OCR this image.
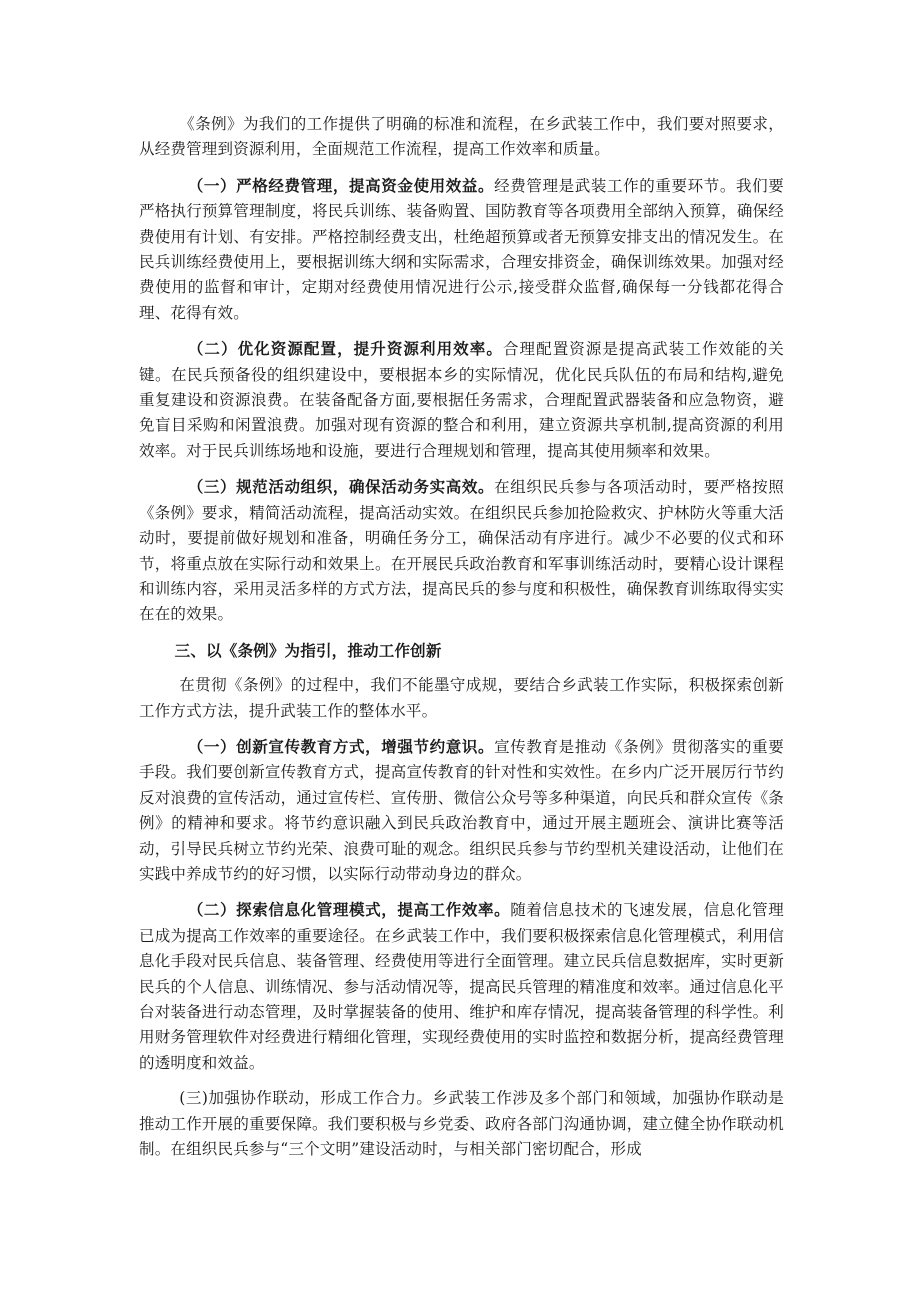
《条例》为我们的工作提供了明确的标准和流程，在乡武装工作中，我们要对照要求，从经费管理到资源利用，全面规范工作流程，提高工作效率和质量。

（一）严格经费管理，提高资金使用效益。经费管理是武装工作的重要环节。我们要严格执行预算管理制度，将民兵训练、装备购置、国防教育等各项费用全部纳入预算，确保经费使用有计划、有安排。严格控制经费支出，杜绝超预算或者无预算安排支出的情况发生。在民兵训练经费使用上，要根据训练大纲和实际需求，合理安排资金，确保训练效果。加强对经费使用的监督和审计，定期对经费使用情况进行公示,接受群众监督,确保每一分钱都花得合理、花得有效。

（二）优化资源配置，提升资源利用效率。合理配置资源是提高武装工作效能的关键。在民兵预备役的组织建设中，要根据本乡的实际情况，优化民兵队伍的布局和结构,避免重复建设和资源浪费。在装备配备方面,要根据任务需求，合理配置武器装备和应急物资，避免盲目采购和闲置浪费。加强对现有资源的整合和利用，建立资源共享机制,提高资源的利用效率。对于民兵训练场地和设施，要进行合理规划和管理，提高其使用频率和效果。

（三）规范活动组织，确保活动务实高效。在组织民兵参与各项活动时，要严格按照《条例》要求，精简活动流程，提高活动实效。在组织民兵参加抢险救灾、护林防火等重大活动时，要提前做好规划和准备，明确任务分工，确保活动有序进行。减少不必要的仪式和环节，将重点放在实际行动和效果上。在开展民兵政治教育和军事训练活动时，要精心设计课程和训练内容，采用灵活多样的方式方法，提高民兵的参与度和积极性，确保教育训练取得实实在在的效果。

三、以《条例》为指引，推动工作创新

在贯彻《条例》的过程中，我们不能墨守成规，要结合乡武装工作实际，积极探索创新工作方式方法，提升武装工作的整体水平。

（一）创新宣传教育方式，增强节约意识。宣传教育是推动《条例》贯彻落实的重要手段。我们要创新宣传教育方式，提高宣传教育的针对性和实效性。在乡内广泛开展厉行节约反对浪费的宣传活动，通过宣传栏、宣传册、微信公众号等多种渠道，向民兵和群众宣传《条例》的精神和要求。将节约意识融入到民兵政治教育中，通过开展主题班会、演讲比赛等活动，引导民兵树立节约光荣、浪费可耻的观念。组织民兵参与节约型机关建设活动，让他们在实践中养成节约的好习惯，以实际行动带动身边的群众。

（二）探索信息化管理模式，提高工作效率。随着信息技术的飞速发展，信息化管理已成为提高工作效率的重要途径。在乡武装工作中，我们要积极探索信息化管理模式，利用信息化手段对民兵信息、装备管理、经费使用等进行全面管理。建立民兵信息数据库，实时更新民兵的个人信息、训练情况、参与活动情况等，提高民兵管理的精准度和效率。通过信息化平台对装备进行动态管理，及时掌握装备的使用、维护和库存情况，提高装备管理的科学性。利用财务管理软件对经费进行精细化管理，实现经费使用的实时监控和数据分析，提高经费管理的透明度和效益。

(三)加强协作联动，形成工作合力。乡武装工作涉及多个部门和领域，加强协作联动是推动工作开展的重要保障。我们要积极与乡党委、政府各部门沟通协调，建立健全协作联动机制。在组织民兵参与“三个文明”建设活动时，与相关部门密切配合，形成
